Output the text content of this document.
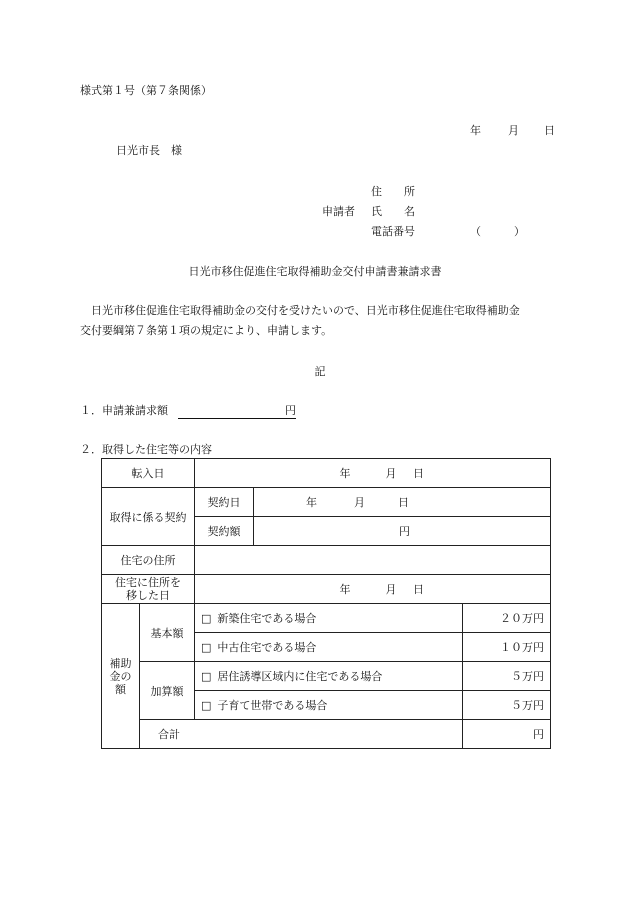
様式第１号（第７条関係）
年 月 日
日光市長　様
住　　所
申請者 氏　　名
電話番号	（　　　）
日光市移住促進住宅取得補助金交付申請書兼請求書

日光市移住促進住宅取得補助金の交付を受けたいので、日光市移住促進住宅取得補助金

交付要綱第７条第１項の規定により、申請します。
記
１．申請兼請求額	円
２．取得した住宅等の内容
転入日		年 月 日		
取得に係る契約		契約日	年 月 日	
		契約額	円	
住宅の住所				

住宅に住所を
移した日		年 月 日		

補助
金の
額	基本額	□ 新築住宅である場合		２０万円
		□ 中古住宅である場合		１０万円
	加算額	□ 居住誘導区域内に住宅である場合		５万円
		□ 子育て世帯である場合		５万円
	合計			円
